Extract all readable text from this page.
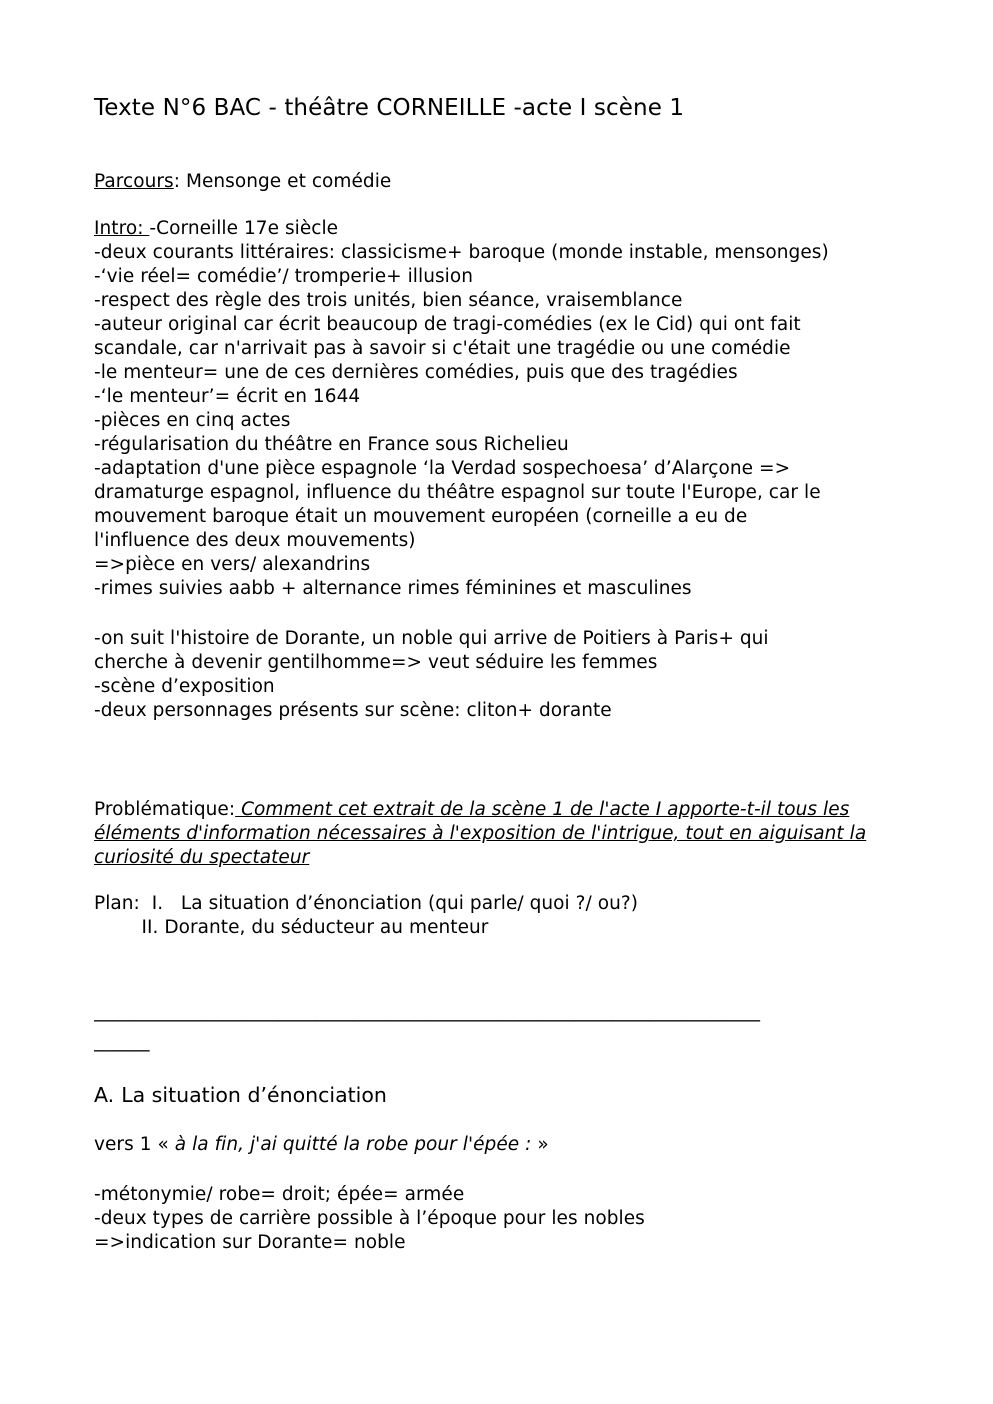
Texte N°6 BAC - théâtre CORNEILLE -acte I scène 1
Parcours: Mensonge et comédie
Intro: -Corneille 17e siècle
-deux courants littéraires: classicisme+ baroque (monde instable, mensonges)
-‘vie réel= comédie’/ tromperie+ illusion
-respect des règle des trois unités, bien séance, vraisemblance
-auteur original car écrit beaucoup de tragi-comédies (ex le Cid) qui ont fait
scandale, car n'arrivait pas à savoir si c'était une tragédie ou une comédie
-le menteur= une de ces dernières comédies, puis que des tragédies
-‘le menteur’= écrit en 1644
-pièces en cinq actes
-régularisation du théâtre en France sous Richelieu
-adaptation d'une pièce espagnole ‘la Verdad sospechoesa’ d’Alarçone =>
dramaturge espagnol, influence du théâtre espagnol sur toute l'Europe, car le
mouvement baroque était un mouvement européen (corneille a eu de
l'influence des deux mouvements)
=>pièce en vers/ alexandrins
-rimes suivies aabb + alternance rimes féminines et masculines
-on suit l'histoire de Dorante, un noble qui arrive de Poitiers à Paris+ qui
cherche à devenir gentilhomme=> veut séduire les femmes
-scène d’exposition
-deux personnages présents sur scène: cliton+ dorante
Problématique: Comment cet extrait de la scène 1 de l'acte I apporte-t-il tous les éléments d'information nécessaires à l'exposition de l'intrigue, tout en aiguisant la curiosité du spectateur
Plan:  I.   La situation d’énonciation (qui parle/ quoi ?/ ou?)
II. Dorante, du séducteur au menteur
________________________________________________________________________
______
A. La situation d’énonciation
vers 1 « à la fin, j'ai quitté la robe pour l'épée : »
-métonymie/ robe= droit; épée= armée
-deux types de carrière possible à l’époque pour les nobles
=>indication sur Dorante= noble
